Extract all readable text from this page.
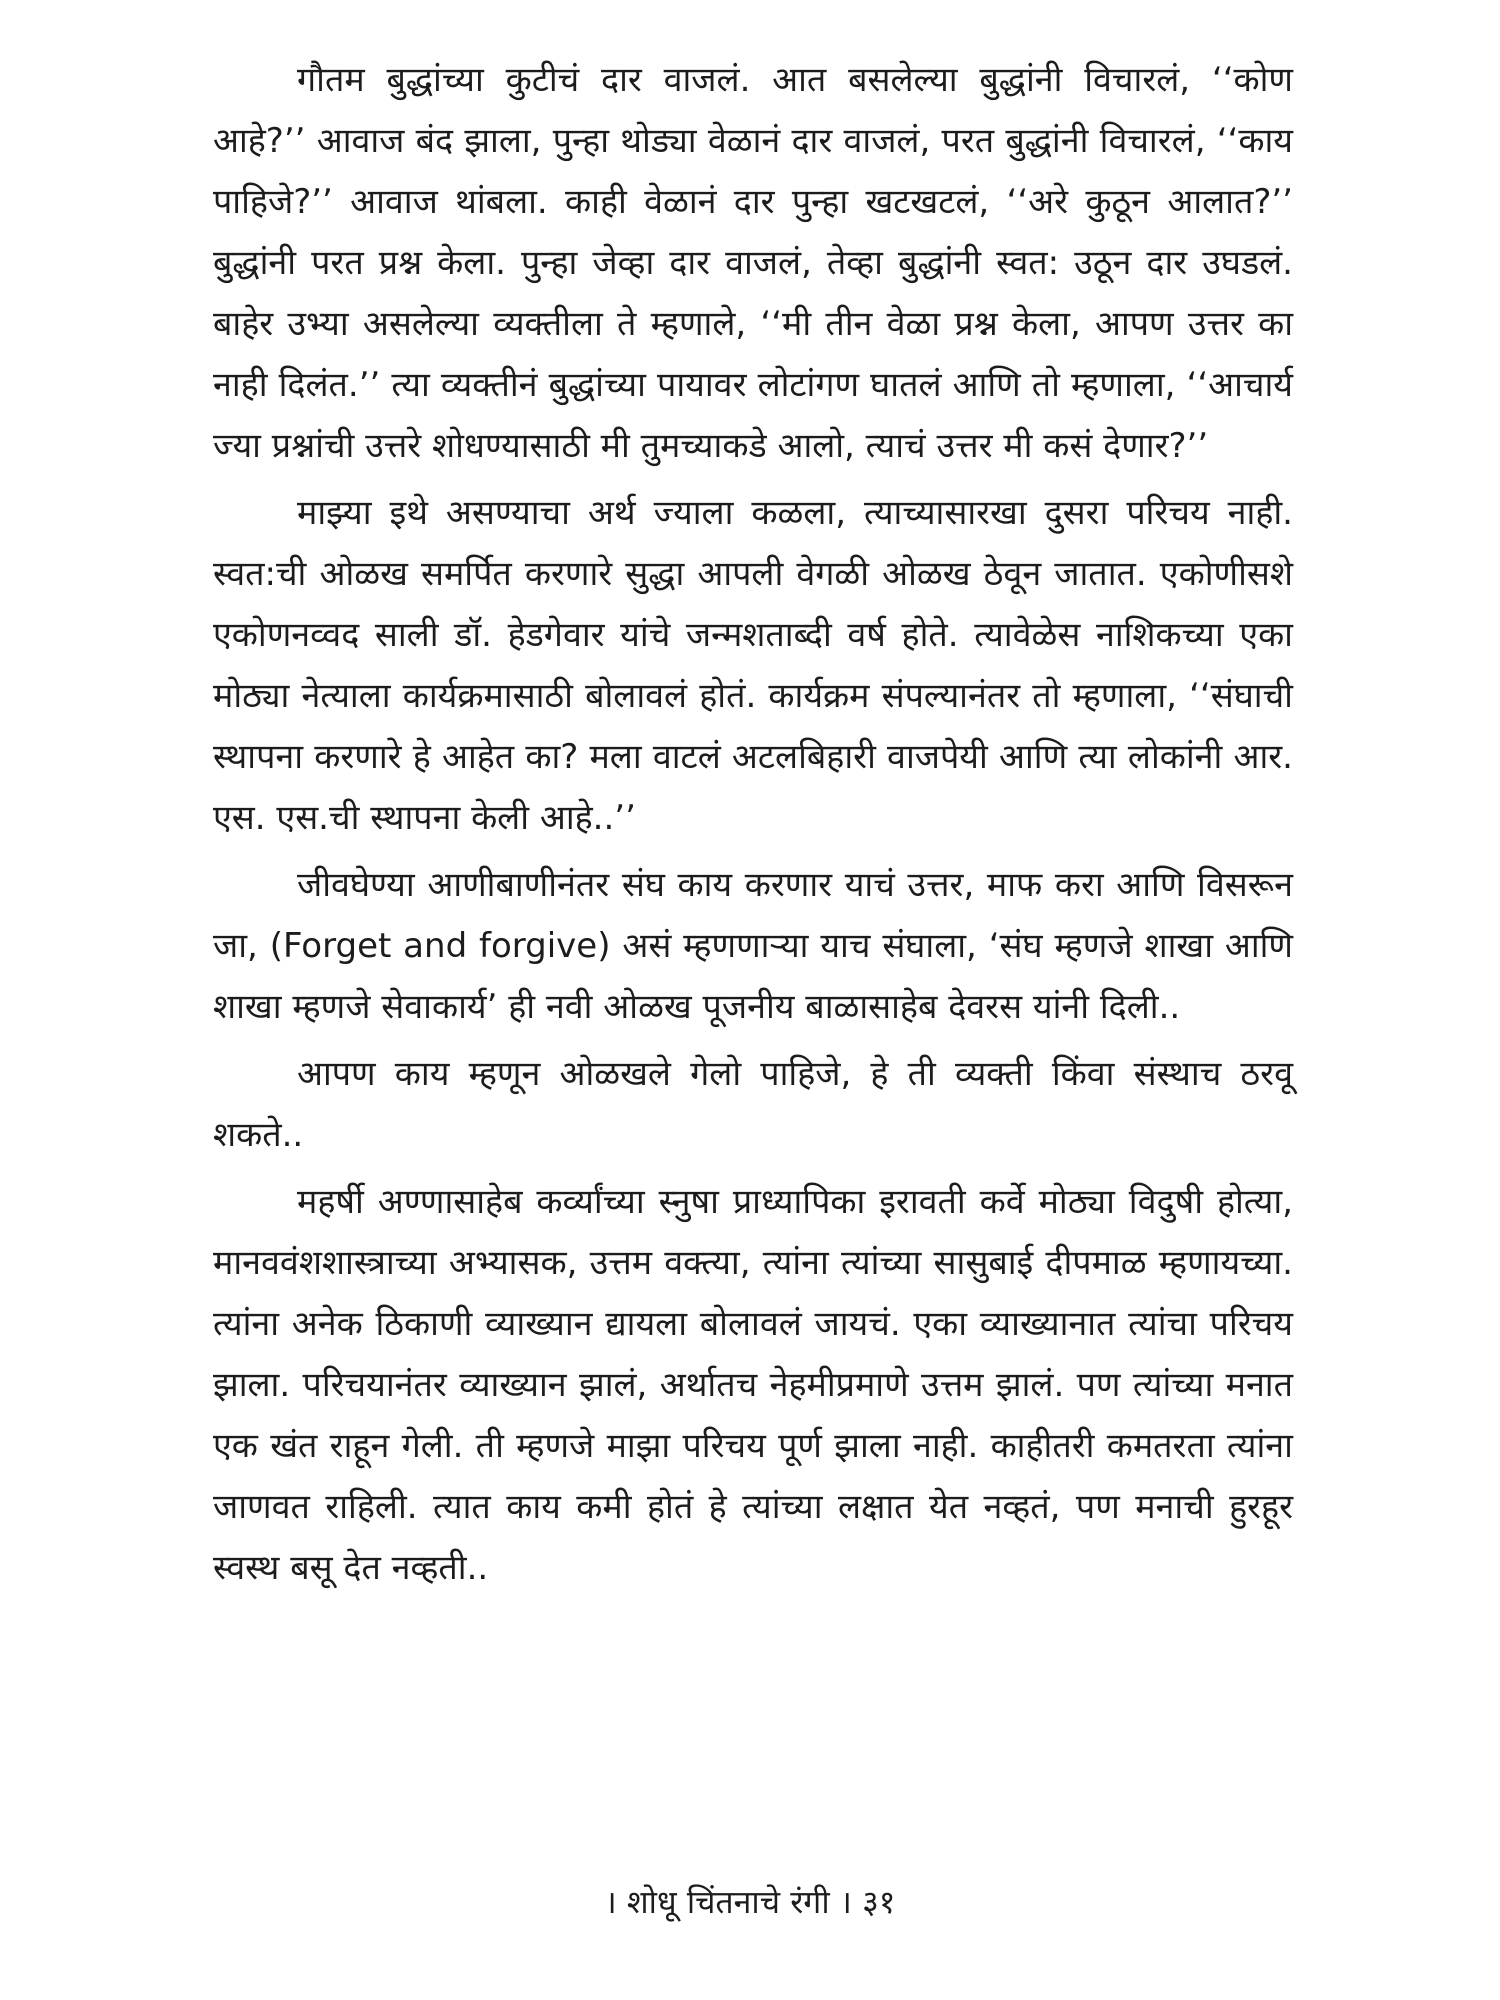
गौतम बुद्धांच्या कुटीचं दार वाजलं. आत बसलेल्या बुद्धांनी विचारलं, ‘‘कोण आहे?’’ आवाज बंद झाला, पुन्हा थोड्या वेळानं दार वाजलं, परत बुद्धांनी विचारलं, ‘‘काय पाहिजे?’’ आवाज थांबला. काही वेळानं दार पुन्हा खटखटलं, ‘‘अरे कुठून आलात?’’ बुद्धांनी परत प्रश्न केला. पुन्हा जेव्हा दार वाजलं, तेव्हा बुद्धांनी स्वत: उठून दार उघडलं. बाहेर उभ्या असलेल्या व्यक्तीला ते म्हणाले, ‘‘मी तीन वेळा प्रश्न केला, आपण उत्तर का नाही दिलंत.’’ त्या व्यक्तीनं बुद्धांच्या पायावर लोटांगण घातलं आणि तो म्हणाला, ‘‘आचार्य ज्या प्रश्नांची उत्तरे शोधण्यासाठी मी तुमच्याकडे आलो, त्याचं उत्तर मी कसं देणार?’’

माझ्या इथे असण्याचा अर्थ ज्याला कळला, त्याच्यासारखा दुसरा परिचय नाही. स्वत:ची ओळख समर्पित करणारे सुद्धा आपली वेगळी ओळख ठेवून जातात. एकोणीसशे एकोणनव्वद साली डॉ. हेडगेवार यांचे जन्मशताब्दी वर्ष होते. त्यावेळेस नाशिकच्या एका मोठ्या नेत्याला कार्यक्रमासाठी बोलावलं होतं. कार्यक्रम संपल्यानंतर तो म्हणाला, ‘‘संघाची स्थापना करणारे हे आहेत का? मला वाटलं अटलबिहारी वाजपेयी आणि त्या लोकांनी आर. एस. एस.ची स्थापना केली आहे..’’

जीवघेण्या आणीबाणीनंतर संघ काय करणार याचं उत्तर, माफ करा आणि विसरून जा, (Forget and forgive) असं म्हणणाऱ्या याच संघाला, ‘संघ म्हणजे शाखा आणि शाखा म्हणजे सेवाकार्य’ ही नवी ओळख पूजनीय बाळासाहेब देवरस यांनी दिली..

आपण काय म्हणून ओळखले गेलो पाहिजे, हे ती व्यक्ती किंवा संस्थाच ठरवू शकते..

महर्षी अण्णासाहेब कर्व्यांच्या स्नुषा प्राध्यापिका इरावती कर्वे मोठ्या विदुषी होत्या, मानववंशशास्त्राच्या अभ्यासक, उत्तम वक्त्या, त्यांना त्यांच्या सासुबाई दीपमाळ म्हणायच्या. त्यांना अनेक ठिकाणी व्याख्यान द्यायला बोलावलं जायचं. एका व्याख्यानात त्यांचा परिचय झाला. परिचयानंतर व्याख्यान झालं, अर्थातच नेहमीप्रमाणे उत्तम झालं. पण त्यांच्या मनात एक खंत राहून गेली. ती म्हणजे माझा परिचय पूर्ण झाला नाही. काहीतरी कमतरता त्यांना जाणवत राहिली. त्यात काय कमी होतं हे त्यांच्या लक्षात येत नव्हतं, पण मनाची हुरहूर स्वस्थ बसू देत नव्हती..

। शोधू चिंतनाचे रंगी । ३१
